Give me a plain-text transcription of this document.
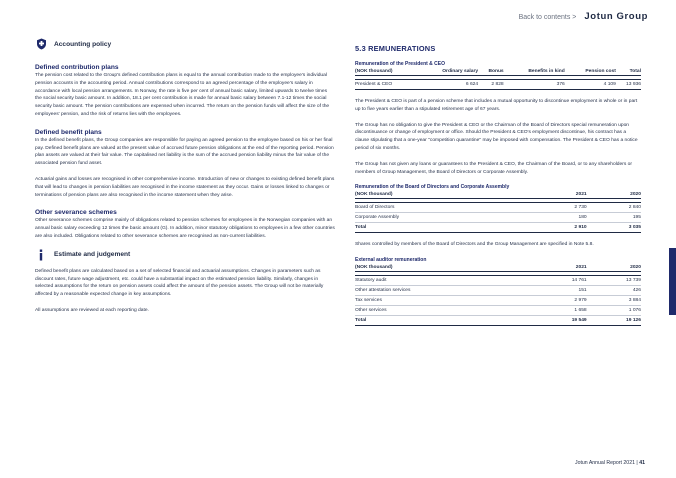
Back to contents > Jotun Group
Accounting policy
Defined contribution plans

The pension cost related to the Group's defined contribution plans is equal to the annual contribution made to the employee's individual pension accounts in the accounting period. Annual contributions correspond to an agreed percentage of the employee's salary in accordance with local pension arrangements. In Norway, the rate is five per cent of annual basic salary, limited upwards to twelve times the social security basic amount. In addition, 18.1 per cent contribution is made for annual basic salary between 7.1-12 times the social security basic amount. The pension contributions are expensed when incurred. The return on the pension funds will affect the size of the employees' pension, and the risk of returns lies with the employees.

Defined benefit plans

In the defined benefit plans, the Group companies are responsible for paying an agreed pension to the employee based on his or her final pay. Defined benefit plans are valued at the present value of accrued future pension obligations at the end of the reporting period. Pension plan assets are valued at their fair value. The capitalised net liability is the sum of the accrued pension liability minus the fair value of the associated pension fund asset.

Actuarial gains and losses are recognised in other comprehensive income. Introduction of new or changes to existing defined benefit plans that will lead to changes in pension liabilities are recognised in the income statement as they occur. Gains or losses linked to changes or terminations of pension plans are also recognised in the income statement when they arise.

Other severance schemes

Other severance schemes comprise mainly of obligations related to pension schemes for employees in the Norwegian companies with an annual basic salary exceeding 12 times the basic amount (G). In addition, minor statutory obligations to employees in a few other countries are also included. Obligations related to other severance schemes are recognised as non-current liabilities.

Estimate and judgement

Defined benefit plans are calculated based on a set of selected financial and actuarial assumptions. Changes in parameters such as discount rates, future wage adjustment, etc. could have a substantial impact on the estimated pension liability. Similarly, changes in selected assumptions for the return on pension assets could affect the amount of the pension assets. The Group will not be materially affected by a reasonable expected change in key assumptions.

All assumptions are reviewed at each reporting date.

5.3 REMUNERATIONS
Remuneration of the President & CEO
(NOK thousand)	Ordinary salary	Bonus	Benefits in kind	Pension cost	Total

President & CEO	6 624	2 828	376	4 109	13 936

The President & CEO is part of a pension scheme that includes a mutual opportunity to discontinue employment in whole or in part up to five years earlier than a stipulated retirement age of 67 years.

The Group has no obligation to give the President & CEO or the Chairman of the Board of Directors special remuneration upon discontinuance or change of employment or office. Should the President & CEO's employment discontinue, his contract has a clause stipulating that a one-year "competition quarantine" may be imposed with compensation. The President & CEO has a notice period of six months.

The Group has not given any loans or guarantees to the President & CEO, the Chairman of the Board, or to any shareholders or members of Group Management, the Board of Directors or Corporate Assembly.

Remuneration of the Board of Directors and Corporate Assembly
(NOK thousand)	2021	2020

Board of Directors	2 730	2 840
Corporate Assembly	180	195
Total	2 910	3 035

Shares controlled by members of the Board of Directors and the Group Management are specified in Note 5.8.

External auditor remuneration
(NOK thousand)	2021	2020

Statutory audit	14 761	13 739
Other attestation services	151	426
Tax services	2 979	3 884
Other services	1 658	1 076
Total	19 549	19 126
Jotun Annual Report 2021 | 41
